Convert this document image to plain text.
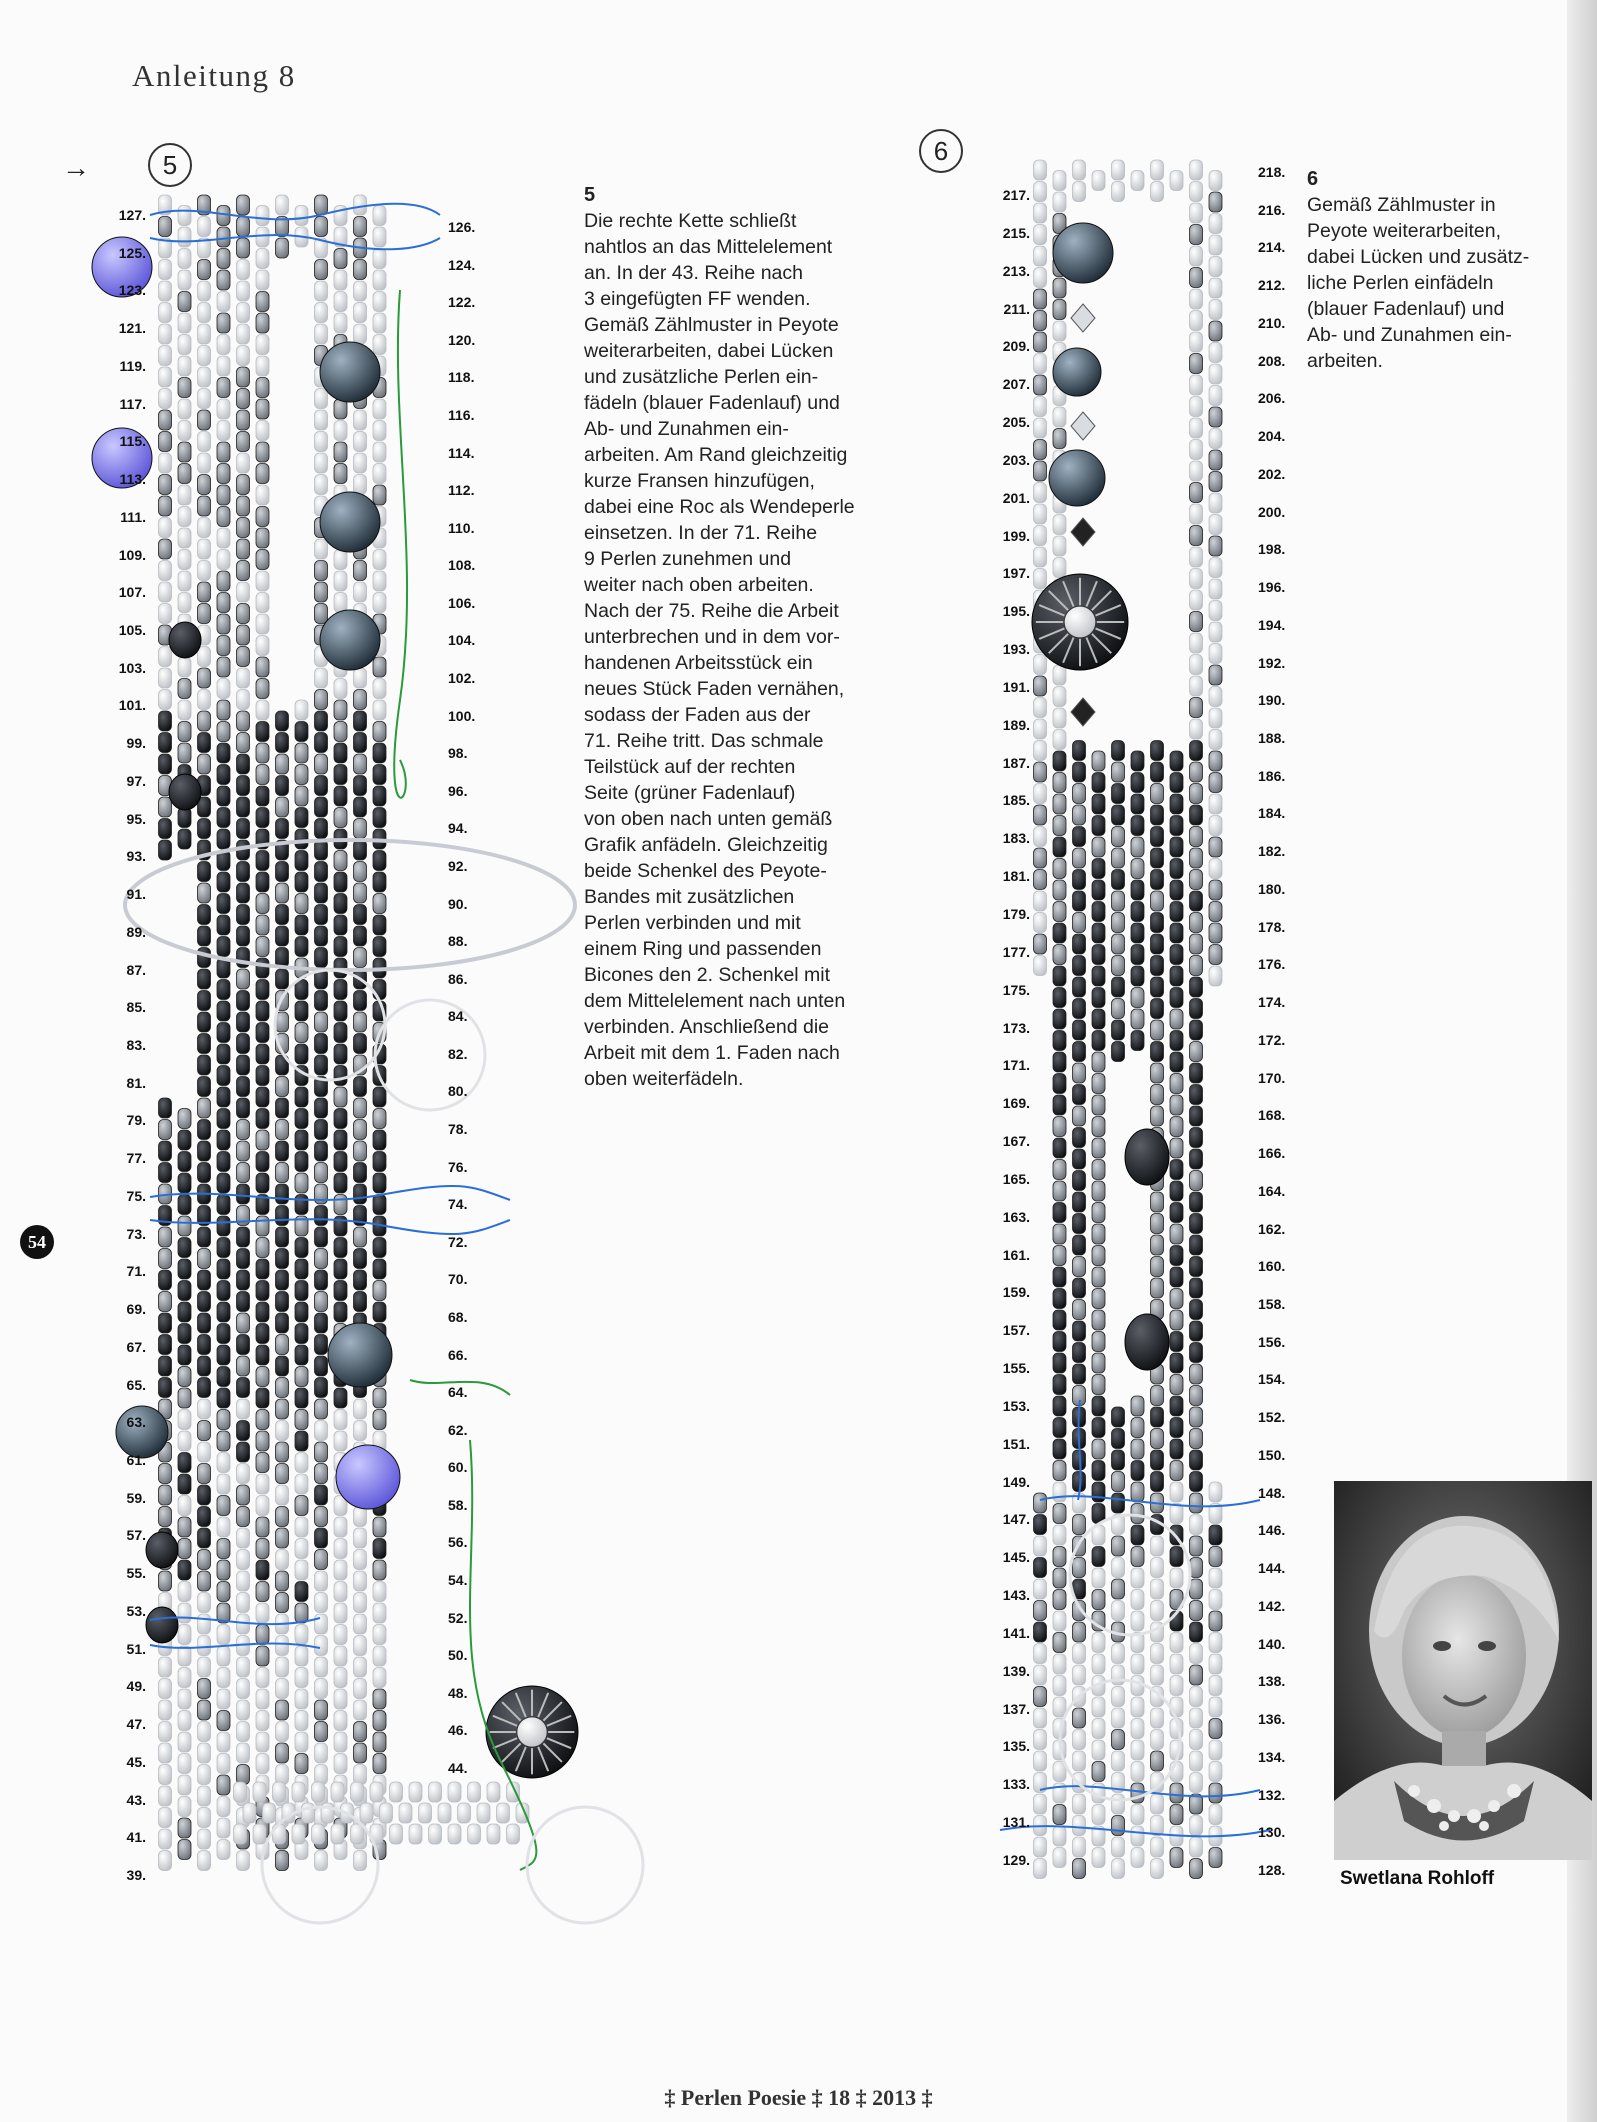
Anleitung 8
→	5	6
54
127.
125.
123.
121.
119.
117.
115.
113.
111.
109.
107.
105.
103.
101.
99.
97.
95.
93.
91.
89.
87.
85.
83.
81.
79.
77.
75.
73.
71.
69.
67.
65.
63.
61.
59.
57.
55.
53.
51.
49.
47.
45.
43.
41.
39.
126.
124.
122.
120.
118.
116.
114.
112.
110.
108.
106.
104.
102.
100.
98.
96.
94.
92.
90.
88.
86.
84.
82.
80.
78.
76.
74.
72.
70.
68.
66.
64.
62.
60.
58.
56.
54.
52.
50.
48.
46.
44.
217.
215.
213.
211.
209.
207.
205.
203.
201.
199.
197.
195.
193.
191.
189.
187.
185.
183.
181.
179.
177.
175.
173.
171.
169.
167.
165.
163.
161.
159.
157.
155.
153.
151.
149.
147.
145.
143.
141.
139.
137.
135.
133.
131.
129.
218.
216.
214.
212.
210.
208.
206.
204.
202.
200.
198.
196.
194.
192.
190.
188.
186.
184.
182.
180.
178.
176.
174.
172.
170.
168.
166.
164.
162.
160.
158.
156.
154.
152.
150.
148.
146.
144.
142.
140.
138.
136.
134.
132.
130.
128.

5

Die rechte Kette schließt
nahtlos an das Mittelelement
an. In der 43. Reihe nach
3 eingefügten FF wenden.
Gemäß Zählmuster in Peyote
weiterarbeiten, dabei Lücken
und zusätzliche Perlen ein-
fädeln (blauer Fadenlauf) und
Ab- und Zunahmen ein-
arbeiten. Am Rand gleichzeitig
kurze Fransen hinzufügen,
dabei eine Roc als Wendeperle
einsetzen. In der 71. Reihe
9 Perlen zunehmen und
weiter nach oben arbeiten.
Nach der 75. Reihe die Arbeit
unterbrechen und in dem vor-
handenen Arbeitsstück ein
neues Stück Faden vernähen,
sodass der Faden aus der
71. Reihe tritt. Das schmale
Teilstück auf der rechten
Seite (grüner Fadenlauf)
von oben nach unten gemäß
Grafik anfädeln. Gleichzeitig
beide Schenkel des Peyote-
Bandes mit zusätzlichen
Perlen verbinden und mit
einem Ring und passenden
Bicones den 2. Schenkel mit
dem Mittelelement nach unten
verbinden. Anschließend die
Arbeit mit dem 1. Faden nach
oben weiterfädeln.

6

Gemäß Zählmuster in
Peyote weiterarbeiten,
dabei Lücken und zusätz-
liche Perlen einfädeln
(blauer Fadenlauf) und
Ab- und Zunahmen ein-
arbeiten.
Swetlana Rohloff
‡ Perlen Poesie ‡ 18 ‡ 2013 ‡
